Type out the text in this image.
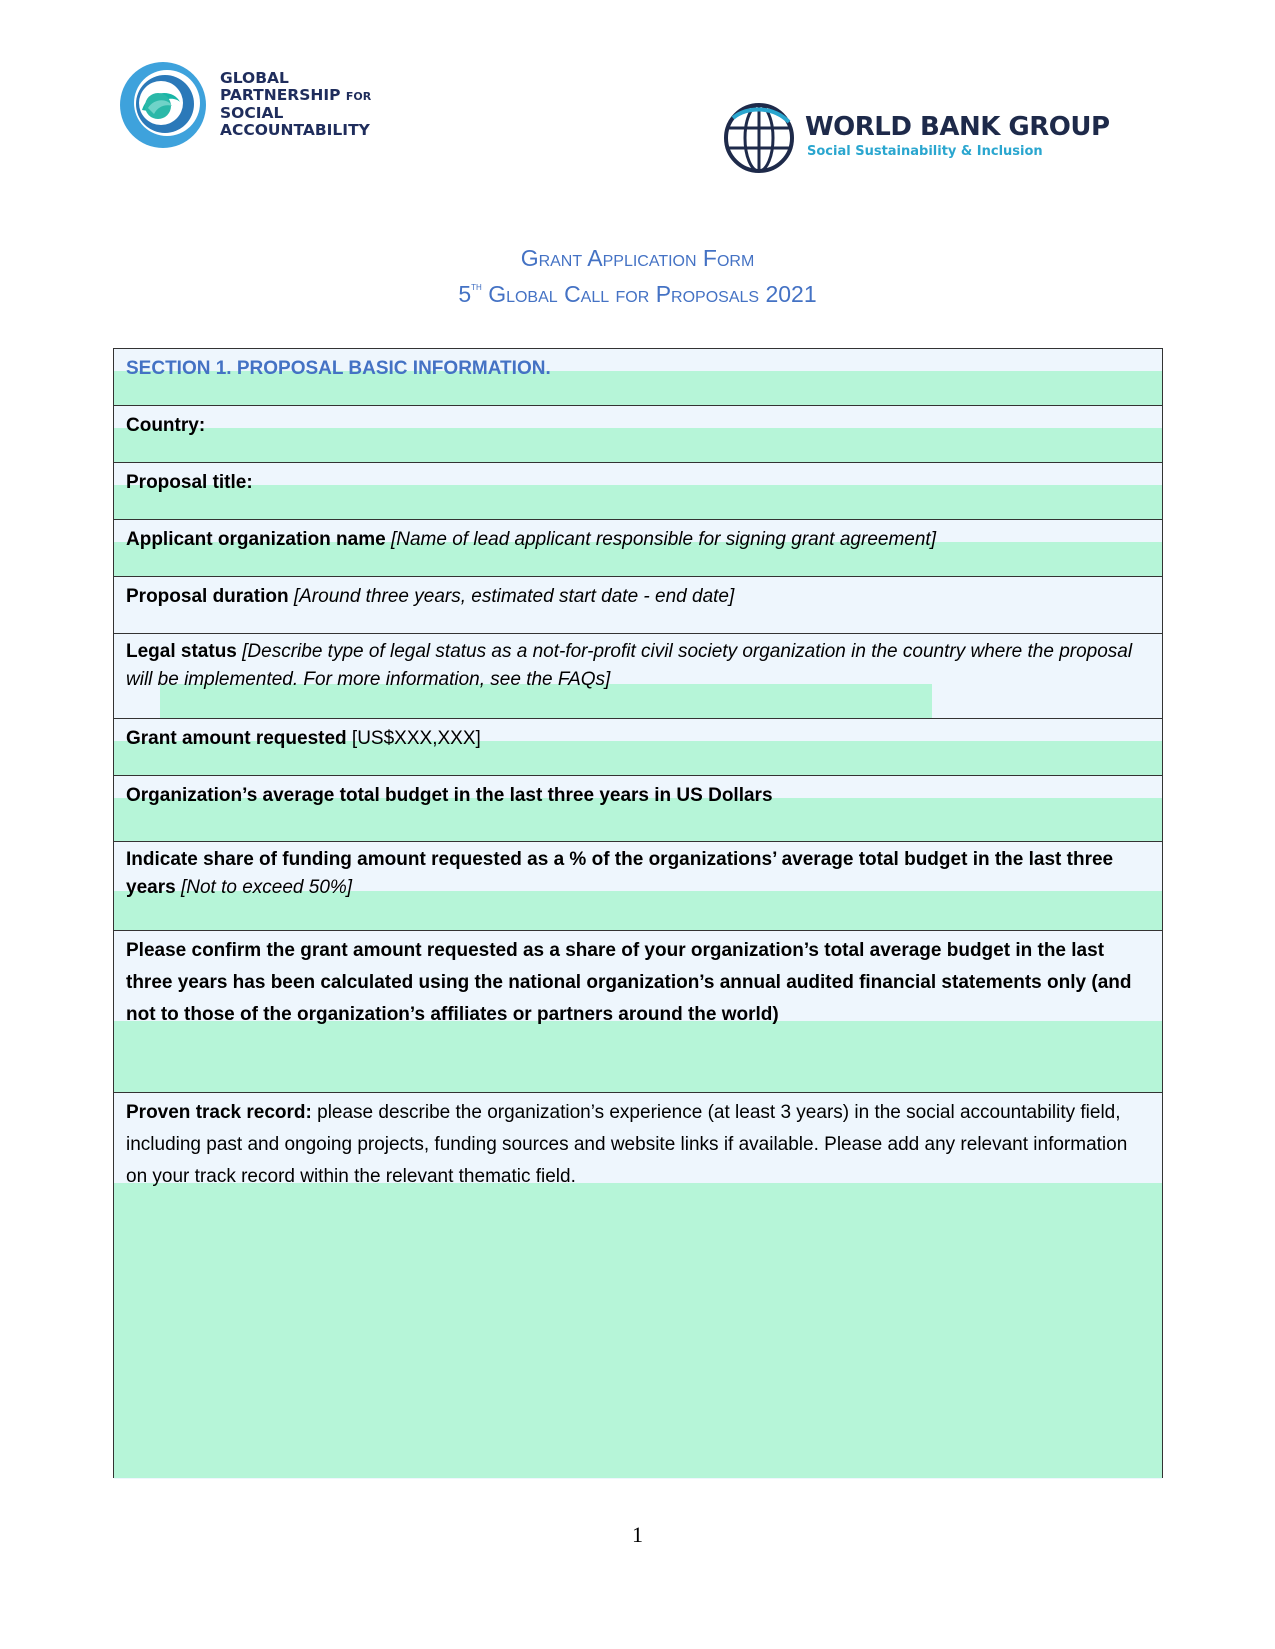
GLOBAL
PARTNERSHIP FOR
SOCIAL
ACCOUNTABILITY	WORLD BANK GROUP
Social Sustainability & Inclusion
Grant Application Form
5th Global Call for Proposals 2021
SECTION 1. PROPOSAL BASIC INFORMATION.
Country:
Proposal title:
Applicant organization name [Name of lead applicant responsible for signing grant agreement]
Proposal duration [Around three years, estimated start date - end date]
Legal status [Describe type of legal status as a not-for-profit civil society organization in the country where the proposal will be implemented. For more information, see the FAQs]
Grant amount requested [US$XXX,XXX]
Organization’s average total budget in the last three years in US Dollars
Indicate share of funding amount requested as a % of the organizations’ average total budget in the last three years [Not to exceed 50%]
Please confirm the grant amount requested as a share of your organization’s total average budget in the last three years has been calculated using the national organization’s annual audited financial statements only (and not to those of the organization’s affiliates or partners around the world)
Proven track record: please describe the organization’s experience (at least 3 years) in the social accountability field, including past and ongoing projects, funding sources and website links if available. Please add any relevant information on your track record within the relevant thematic field.
1
